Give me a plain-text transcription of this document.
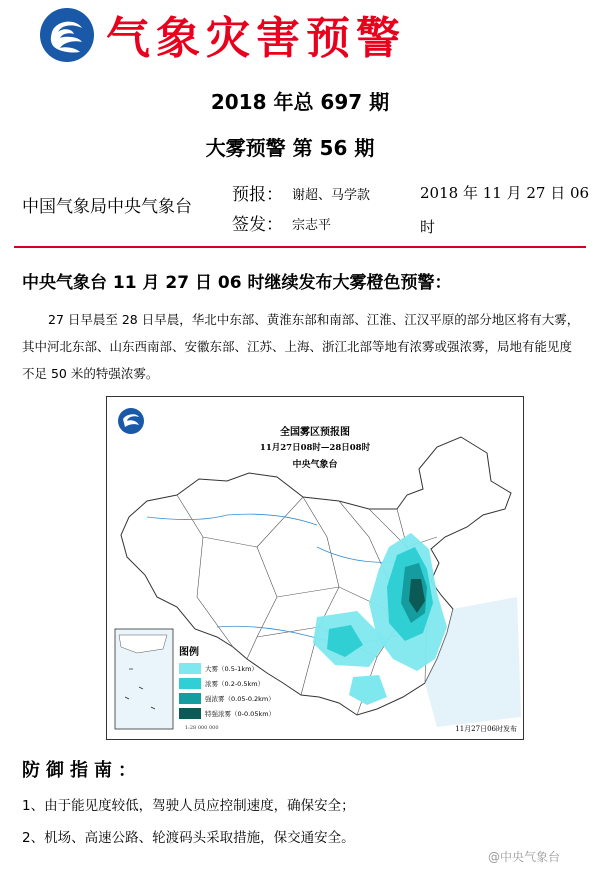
气象灾害预警
2018 年总 697 期
大雾预警 第 56 期
中国气象局中央气象台
预报： 谢超、马学款
签发： 宗志平
2018 年 11 月 27 日 06 时
中央气象台 11 月 27 日 06 时继续发布大雾橙色预警：
27 日早晨至 28 日早晨，华北中东部、黄淮东部和南部、江淮、江汉平原的部分地区将有大雾，其中河北东部、山东西南部、安徽东部、江苏、上海、浙江北部等地有浓雾或强浓雾，局地有能见度不足 50 米的特强浓雾。
全国雾区预报图
11月27日08时—28日08时
中央气象台
图例
大雾（0.5-1km）
浓雾（0.2-0.5km）
强浓雾（0.05-0.2km）
特强浓雾（0-0.05km）
1:28 000 000	11月27日06时发布
防御指南：
1、由于能见度较低，驾驶人员应控制速度，确保安全；
2、机场、高速公路、轮渡码头采取措施，保交通安全。
@中央气象台
